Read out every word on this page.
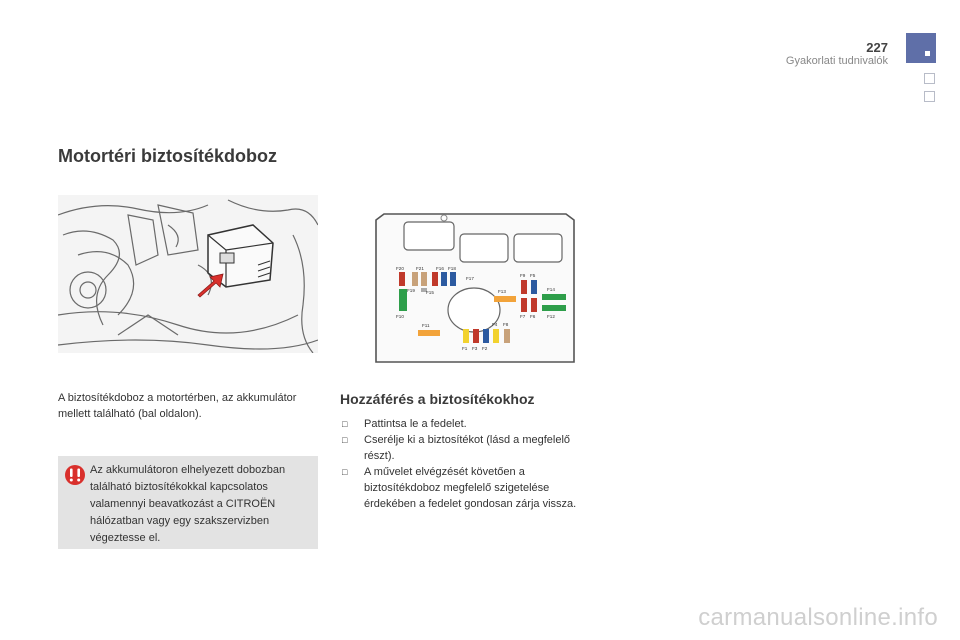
227
Gyakorlati tudnivalók
Motortéri biztosítékdoboz

A biztosítékdoboz a motortérben, az akkumulátor mellett található (bal oldalon).

Az akkumulátoron elhelyezett dobozban található biztosítékokkal kapcsolatos valamennyi beavatkozást a CITROËN hálózatban vagy egy szakszervizben végeztesse el.

F20	F21	F16 F18
F17
F19 F15
F10
F11
F13
F9 F5
F14
F7 F6	F12
F4 F8
F1 F3 F2
Hozzáférés a biztosítékokhoz
□ Pattintsa le a fedelet.
□ Cserélje ki a biztosítékot (lásd a megfelelő részt).
□ A művelet elvégzését követően a biztosítékdoboz megfelelő szigetelése érdekében a fedelet gondosan zárja vissza.
carmanualsonline.info
